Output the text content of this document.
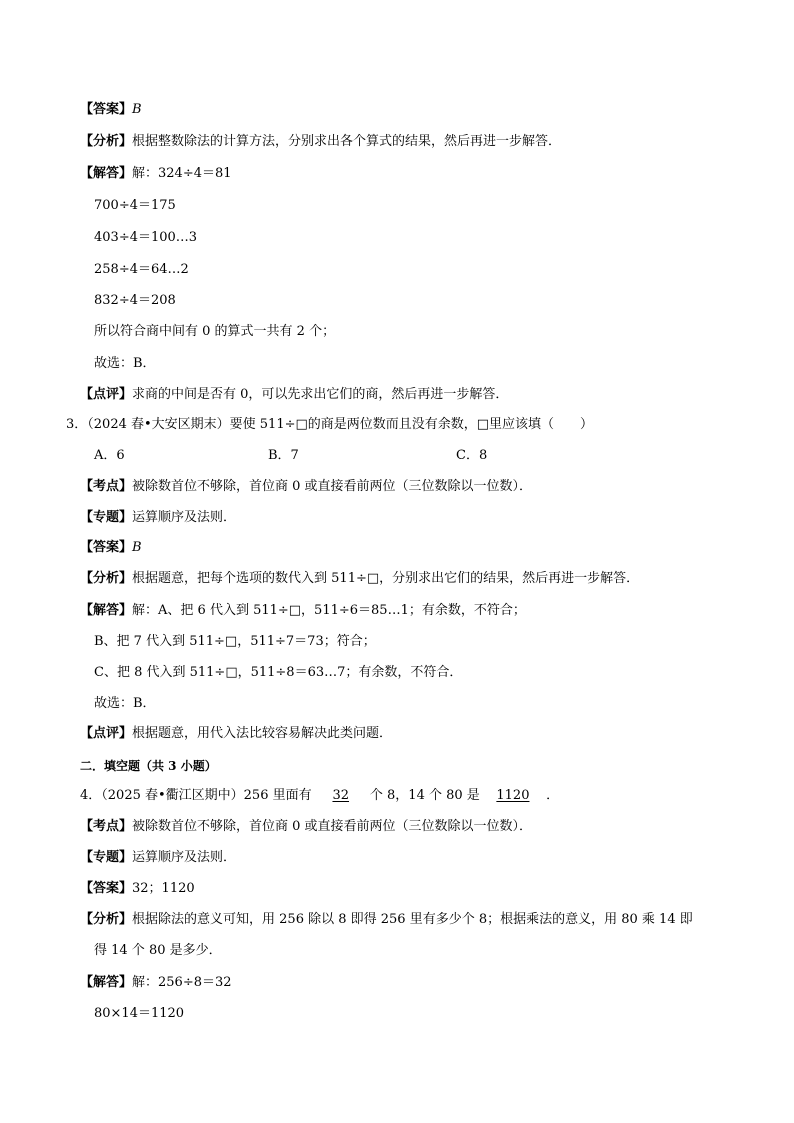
【答案】B
【分析】根据整数除法的计算方法，分别求出各个算式的结果，然后再进一步解答．
【解答】解：324÷4＝81
700÷4＝175
403÷4＝100…3
258÷4＝64…2
832÷4＝208
所以符合商中间有 0 的算式一共有 2 个；
故选：B．
【点评】求商的中间是否有 0，可以先求出它们的商，然后再进一步解答．
3．（2024 春•大安区期末）要使 511÷□的商是两位数而且没有余数，□里应该填（　　）
A．6	B．7	C．8
【考点】被除数首位不够除，首位商 0 或直接看前两位（三位数除以一位数）．
【专题】运算顺序及法则．
【答案】B
【分析】根据题意，把每个选项的数代入到 511÷□，分别求出它们的结果，然后再进一步解答．
【解答】解：A、把 6 代入到 511÷□，511÷6＝85…1；有余数，不符合；
B、把 7 代入到 511÷□，511÷7＝73；符合；
C、把 8 代入到 511÷□，511÷8＝63…7；有余数，不符合．
故选：B．
【点评】根据题意，用代入法比较容易解决此类问题．
二．填空题（共 3 小题）
4．（2025 春•衢江区期中）256 里面有 32 个 8，14 个 80 是 1120 ．
【考点】被除数首位不够除，首位商 0 或直接看前两位（三位数除以一位数）．
【专题】运算顺序及法则．
【答案】32；1120
【分析】根据除法的意义可知，用 256 除以 8 即得 256 里有多少个 8；根据乘法的意义，用 80 乘 14 即
得 14 个 80 是多少．
【解答】解：256÷8＝32
80×14＝1120
